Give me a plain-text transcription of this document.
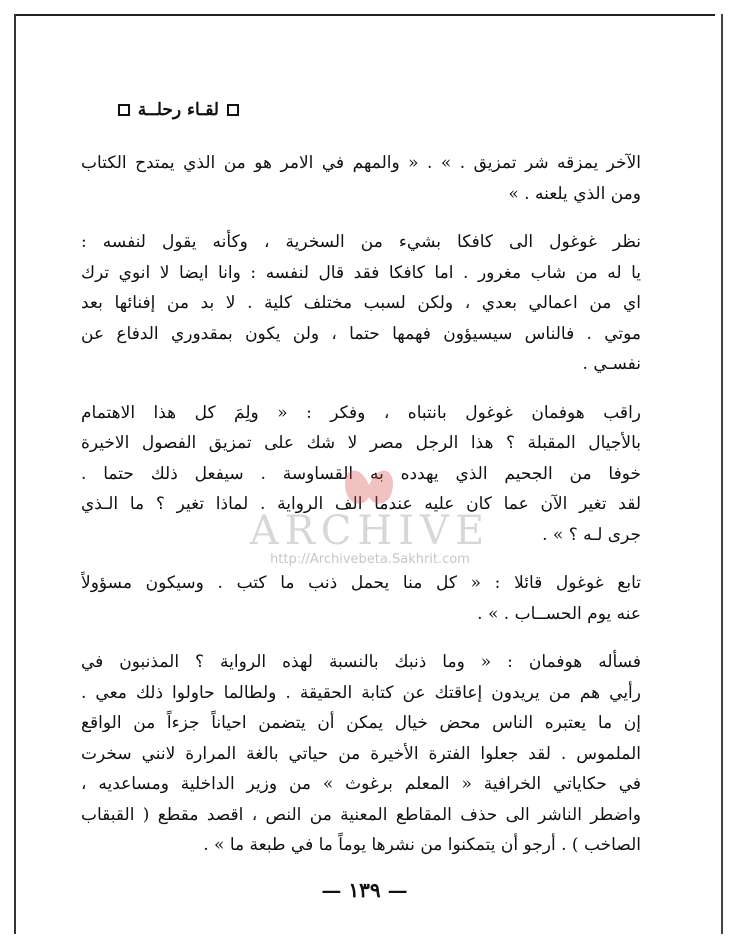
لقـاء رحلــة
الآخر يمزقه شر تمزيق . » . « والمهم في الامر هو من الذي يمتدح الكتاب
ومن الذي يلعنه . »
نظر غوغول الى كافكا بشيء من السخرية ، وكأنه يقول لنفسه :
يا له من شاب مغرور . اما كافكا فقد قال لنفسه : وانا ايضا لا انوي ترك
اي من اعمالي بعدي ، ولكن لسبب مختلف كلية . لا بد من إفنائها بعد
موتي . فالناس سيسيؤون فهمها حتما ، ولن يكون بمقدوري الدفاع عن
نفسـي .
راقب هوفمان غوغول بانتباه ، وفكر : « ولِمَ كل هذا الاهتمام
بالأجيال المقبلة ؟ هذا الرجل مصر لا شك على تمزيق الفصول الاخيرة
خوفا من الجحيم الذي يهدده به القساوسة . سيفعل ذلك حتما .
لقد تغير الآن عما كان عليه عندما الف الرواية . لماذا تغير ؟ ما الـذي
جرى لـه ؟ » .
تابع غوغول قائلا : « كل منا يحمل ذنب ما كتب . وسيكون مسؤولاً
عنه يوم الحســاب . » .
فسأله هوفمان : « وما ذنبك بالنسبة لهذه الرواية ؟ المذنبون في
رأيي هم من يريدون إعاقتك عن كتابة الحقيقة . ولطالما حاولوا ذلك معي .
إن ما يعتبره الناس محض خيال يمكن أن يتضمن احياناً جزءاً من الواقع
الملموس . لقد جعلوا الفترة الأخيرة من حياتي بالغة المرارة لانني سخرت
في حكاياتي الخرافية « المعلم برغوث » من وزير الداخلية ومساعديه ،
واضطر الناشر الى حذف المقاطع المعنية من النص ، اقصد مقطع ( القبقاب
الصاخب ) . أرجو أن يتمكنوا من نشرها يوماً ما في طبعة ما » .
ARCHIVE
http://Archivebeta.Sakhrit.com
— ١٣٩ —
